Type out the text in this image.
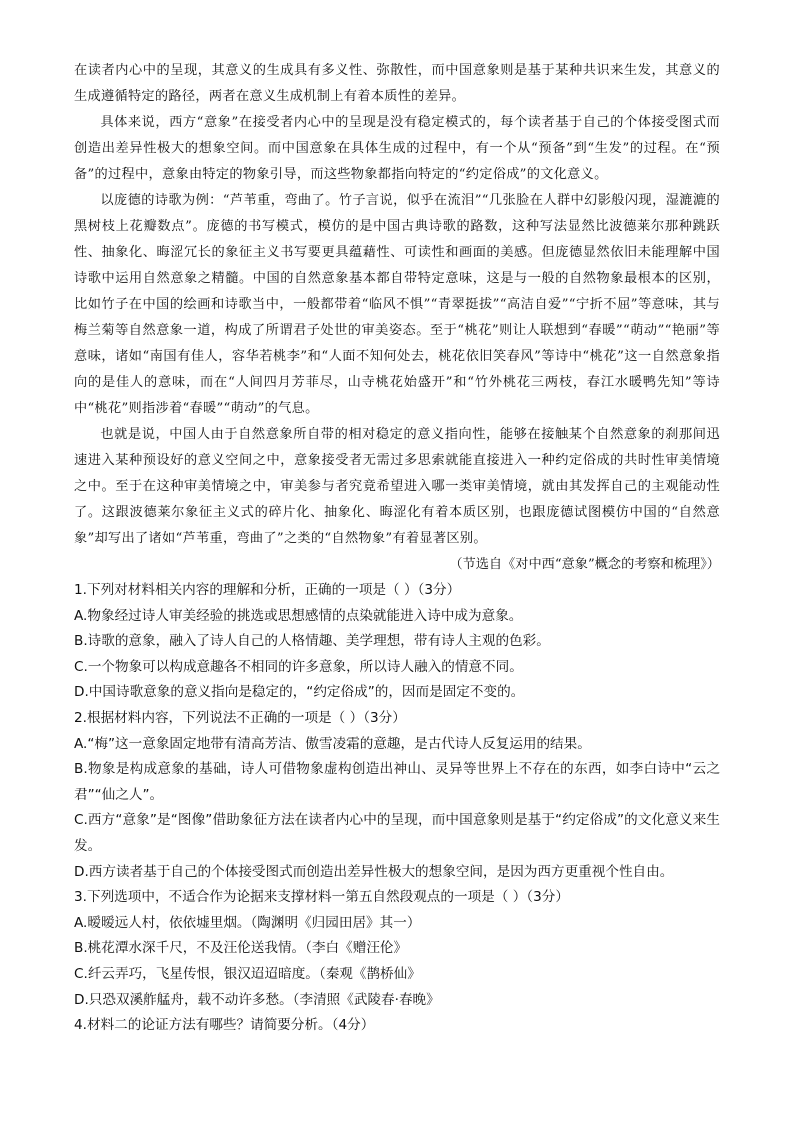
在读者内心中的呈现，其意义的生成具有多义性、弥散性，而中国意象则是基于某种共识来生发，其意义的生成遵循特定的路径，两者在意义生成机制上有着本质性的差异。

具体来说，西方“意象”在接受者内心中的呈现是没有稳定模式的，每个读者基于自己的个体接受图式而创造出差异性极大的想象空间。而中国意象在具体生成的过程中，有一个从“预备”到“生发”的过程。在“预备”的过程中，意象由特定的物象引导，而这些物象都指向特定的“约定俗成”的文化意义。

以庞德的诗歌为例：“芦苇重，弯曲了。竹子言说，似乎在流泪”“几张脸在人群中幻影般闪现，湿漉漉的黑树枝上花瓣数点”。庞德的书写模式，模仿的是中国古典诗歌的路数，这种写法显然比波德莱尔那种跳跃性、抽象化、晦涩冗长的象征主义书写要更具蕴藉性、可读性和画面的美感。但庞德显然依旧未能理解中国诗歌中运用自然意象之精髓。中国的自然意象基本都自带特定意味，这是与一般的自然物象最根本的区别，比如竹子在中国的绘画和诗歌当中，一般都带着“临风不惧”“青翠挺拔”“高洁自爱”“宁折不屈”等意味，其与梅兰菊等自然意象一道，构成了所谓君子处世的审美姿态。至于“桃花”则让人联想到“春暖”“萌动”“艳丽”等意味，诸如“南国有佳人，容华若桃李”和“人面不知何处去，桃花依旧笑春风”等诗中“桃花”这一自然意象指向的是佳人的意味，而在“人间四月芳菲尽，山寺桃花始盛开”和“竹外桃花三两枝，春江水暖鸭先知”等诗中“桃花”则指涉着“春暖”“萌动”的气息。

也就是说，中国人由于自然意象所自带的相对稳定的意义指向性，能够在接触某个自然意象的刹那间迅速进入某种预设好的意义空间之中，意象接受者无需过多思索就能直接进入一种约定俗成的共时性审美情境之中。至于在这种审美情境之中，审美参与者究竟希望进入哪一类审美情境，就由其发挥自己的主观能动性了。这跟波德莱尔象征主义式的碎片化、抽象化、晦涩化有着本质区别，也跟庞德试图模仿中国的“自然意象”却写出了诸如“芦苇重，弯曲了”之类的“自然物象”有着显著区别。

（节选自《对中西“意象”概念的考察和梳理》）

1.下列对材料相关内容的理解和分析，正确的一项是（ ）（3分）

A.物象经过诗人审美经验的挑选或思想感情的点染就能进入诗中成为意象。

B.诗歌的意象，融入了诗人自己的人格情趣、美学理想，带有诗人主观的色彩。

C.一个物象可以构成意趣各不相同的许多意象，所以诗人融入的情意不同。

D.中国诗歌意象的意义指向是稳定的，“约定俗成”的，因而是固定不变的。

2.根据材料内容，下列说法不正确的一项是（ ）（3分）

A.“梅”这一意象固定地带有清高芳洁、傲雪凌霜的意趣，是古代诗人反复运用的结果。

B.物象是构成意象的基础，诗人可借物象虚构创造出神山、灵异等世界上不存在的东西，如李白诗中“云之君”“仙之人”。

C.西方“意象”是“图像”借助象征方法在读者内心中的呈现，而中国意象则是基于“约定俗成”的文化意义来生发。

D.西方读者基于自己的个体接受图式而创造出差异性极大的想象空间，是因为西方更重视个性自由。

3.下列选项中，不适合作为论据来支撑材料一第五自然段观点的一项是（ ）（3分）

A.暧暧远人村，依依墟里烟。（陶渊明《归园田居》其一）

B.桃花潭水深千尺，不及汪伦送我情。（李白《赠汪伦》

C.纤云弄巧，飞星传恨，银汉迢迢暗度。（秦观《鹊桥仙》

D.只恐双溪舴艋舟，载不动许多愁。（李清照《武陵春·春晚》

4.材料二的论证方法有哪些？请简要分析。（4分）
